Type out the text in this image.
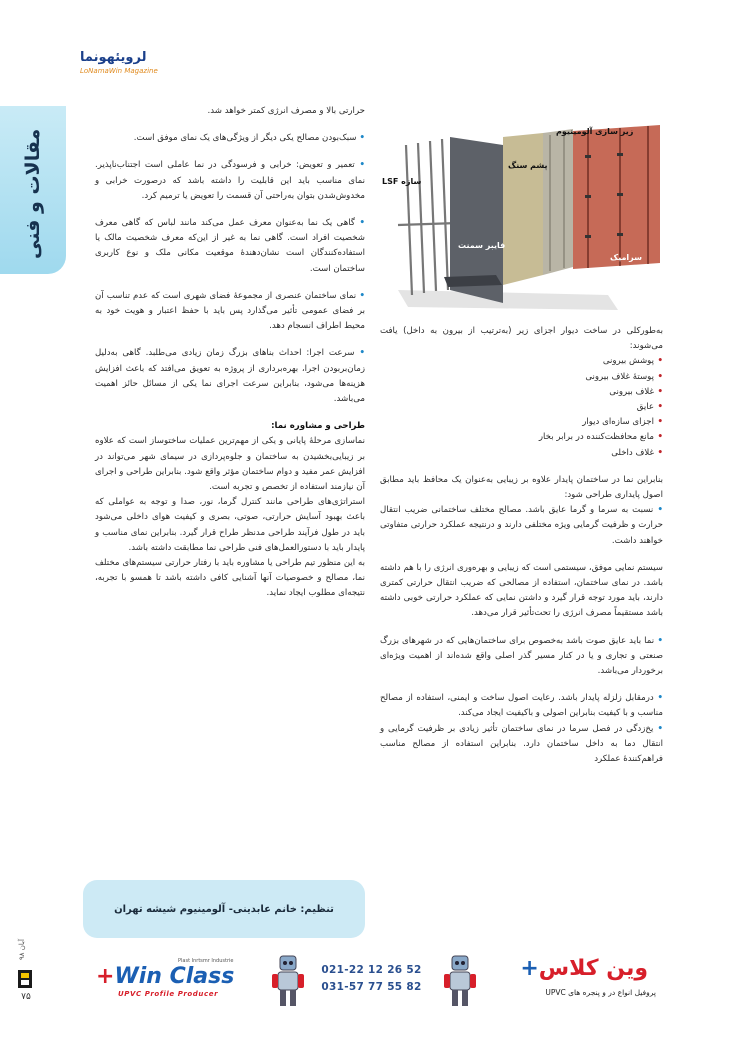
لرویئهو‌نما
LoNamaWin Magazine
مقالات و فنی	زیر سازی آلومینیوم
پشم سنگ
سازه LSF
فایبر سمنت
سرامیک

به‌طورکلی در ساخت دیوار اجزای زیر (به‌ترتیب از بیرون به داخل) یافت می‌شوند:

• پوشش بیرونی
• پوستهٔ غلاف بیرونی
• غلاف بیرونی
• عایق
• اجزای سازه‌ای دیوار
• مانع محافظت‌کننده در برابر بخار
• غلاف داخلی

بنابراین نما در ساختمان پایدار علاوه بر زیبایی به‌عنوان یک محافظ باید مطابق اصول پایداری طراحی شود:

• نسبت به سرما و گرما عایق باشد. مصالح مختلف ساختمانی ضریب انتقال حرارت و ظرفیت گرمایی ویژه مختلفی دارند و درنتیجه عملکرد حرارتی متفاوتی خواهند داشت.

سیستم نمایی موفق، سیستمی است که زیبایی و بهره‌وری انرژی را با هم داشته باشد. در نمای ساختمان، استفاده از مصالحی که ضریب انتقال حرارتی کمتری دارند، باید مورد توجه قرار گیرد و داشتن نمایی که عملکرد حرارتی خوبی داشته باشد مستقیماً مصرف انرژی را تحت‌تأثیر قرار می‌دهد.

• نما باید عایق صوت باشد به‌خصوص برای ساختمان‌هایی که در شهرهای بزرگ صنعتی و تجاری و یا در کنار مسیر گذر اصلی واقع شده‌اند از اهمیت ویژه‌ای برخوردار می‌باشد.

• درمقابل زلزله پایدار باشد. رعایت اصول ساخت و ایمنی، استفاده از مصالح مناسب و با کیفیت بنابراین اصولی و باکیفیت ایجاد می‌کند.

• یخ‌زدگی در فصل سرما در نمای ساختمان تأثیر زیادی بر ظرفیت گرمایی و انتقال دما به داخل ساختمان دارد. بنابراین استفاده از مصالح مناسب فراهم‌کنندهٔ عملکرد

حرارتی بالا و مصرف انرژی کمتر خواهد شد.

• سبک‌بودن مصالح یکی دیگر از ویژگی‌های یک نمای موفق است.

• تعمیر و تعویض: خرابی و فرسودگی در نما عاملی است اجتناب‌ناپذیر. نمای مناسب باید این قابلیت را داشته باشد که درصورت خرابی و مخدوش‌شدن بتوان به‌راحتی آن قسمت را تعویض یا ترمیم کرد.

• گاهی یک نما به‌عنوان معرف عمل می‌کند مانند لباس که گاهی معرف شخصیت افراد است. گاهی نما به غیر از این‌که معرف شخصیت مالک یا استفاده‌کنندگان است نشان‌دهندهٔ موقعیت مکانی ملک و نوع کاربری ساختمان است.

• نمای ساختمان عنصری از مجموعهٔ فضای شهری است که عدم تناسب آن بر فضای عمومی تأثیر می‌گذارد پس باید با حفظ اعتبار و هویت خود به محیط اطراف انسجام دهد.

• سرعت اجرا: احداث بناهای بزرگ زمان زیادی می‌طلبد. گاهی به‌دلیل زمان‌بربودن اجرا، بهره‌برداری از پروژه به تعویق می‌افتد که باعث افزایش هزینه‌ها می‌شود، بنابراین سرعت اجرای نما یکی از مسائل حائز اهمیت می‌باشد.

طراحی و مشاوره نما:

نماسازی مرحلهٔ پایانی و یکی از مهم‌ترین عملیات ساختوساز است که علاوه بر زیبایی‌بخشیدن به ساختمان و جلوه‌پردازی در سیمای شهر می‌تواند در افزایش عمر مفید و دوام ساختمان مؤثر واقع شود. بنابراین طراحی و اجرای آن نیازمند استفاده از تخصص و تجربه است.

استراتژی‌های طراحی مانند کنترل گرما، نور، صدا و توجه به عواملی که باعث بهبود آسایش حرارتی، صوتی، بصری و کیفیت هوای داخلی می‌شود باید در طول فرآیند طراحی مدنظر طراح قرار گیرد. بنابراین نمای مناسب و پایدار باید با دستورالعمل‌های فنی طراحی نما مطابقت داشته باشد.

به این منظور تیم طراحی یا مشاوره باید با رفتار حرارتی سیستم‌های مختلف نما، مصالح و خصوصیات آنها آشنایی کافی داشته باشد تا همسو با تجربه، نتیجه‌ای مطلوب ایجاد نماید.

تنظیم: خانم عابدینی- آلومینیوم شیشه تهران
آبان ۹۸
۷۵
Plast Inrtsmr Industrie
+Win Class
UPVC Profile Producer
021-22 12 26 52
031-57 77 55 82
وین کلاس+
پروفیل انواع در و پنجره های UPVC
